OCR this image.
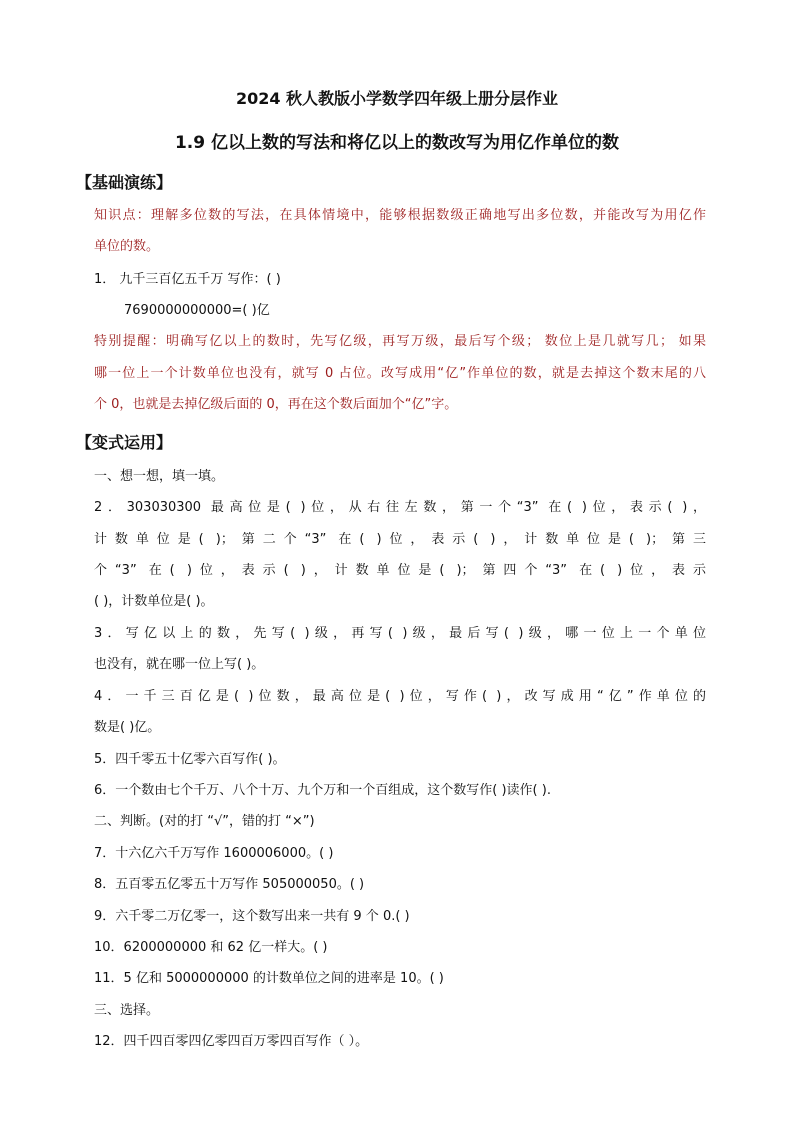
2024 秋人教版小学数学四年级上册分层作业
1.9 亿以上数的写法和将亿以上的数改写为用亿作单位的数
【基础演练】
知识点：理解多位数的写法，在具体情境中，能够根据数级正确地写出多位数，并能改写为用亿作
单位的数。
1． 九千三百亿五千万 写作：( )
7690000000000=( )亿
特别提醒：明确写亿以上的数时，先写亿级，再写万级，最后写个级； 数位上是几就写几； 如果
哪一位上一个计数单位也没有，就写 0 占位。改写成用“亿”作单位的数，就是去掉这个数末尾的八
个 0，也就是去掉亿级后面的 0，再在这个数后面加个“亿”字。
【变式运用】
一、想一想，填一填。
2．303030300 最高位是( )位，从右往左数，第一个“3” 在( )位，表示( )，
计数单位是( )；第二个“3” 在( )位，表示( )，计数单位是( )；第三
个“3” 在( )位，表示( )，计数单位是( )；第四个“3” 在( )位，表示
( )，计数单位是( )。
3．写亿以上的数，先写( )级，再写( )级，最后写( )级，哪一位上一个单位
也没有，就在哪一位上写( )。
4．一千三百亿是( )位数，最高位是( )位，写作( )，改写成用“亿”作单位的
数是( )亿。
5．四千零五十亿零六百写作( )。
6．一个数由七个千万、八个十万、九个万和一个百组成，这个数写作( )读作( ).
二、判断。(对的打 “√”，错的打 “×”)
7．十六亿六千万写作 1600006000。( )
8．五百零五亿零五十万写作 505000050。( )
9．六千零二万亿零一，这个数写出来一共有 9 个 0.( )
10．6200000000 和 62 亿一样大。( )
11．5 亿和 5000000000 的计数单位之间的进率是 10。( )
三、选择。
12．四千四百零四亿零四百万零四百写作（ ）。
